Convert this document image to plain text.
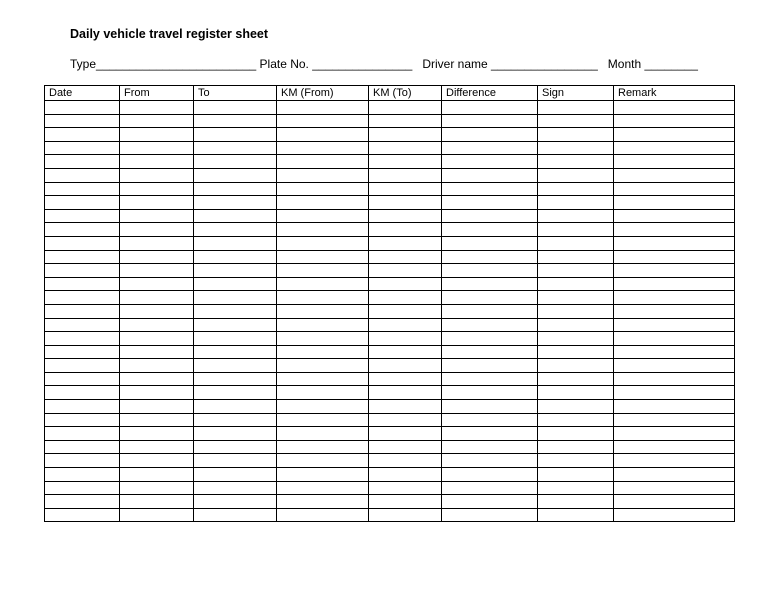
Daily vehicle travel register sheet
Type________________________ Plate No. _______________   Driver name ________________   Month ________
Date	From	To	KM (From)	KM (To)	Difference	Sign	Remark
